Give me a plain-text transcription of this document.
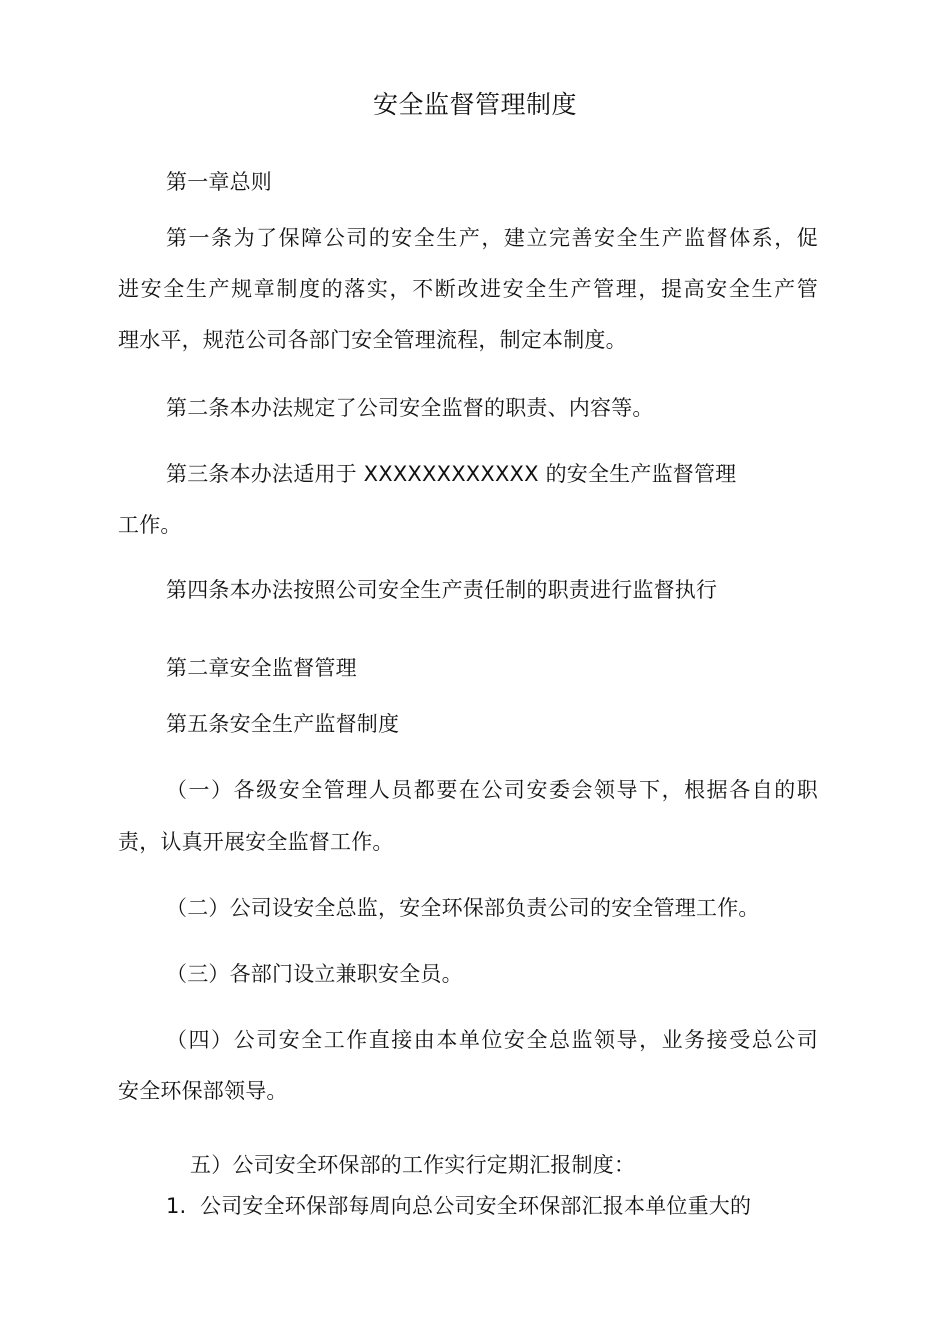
安全监督管理制度
第一章总则
第一条为了保障公司的安全生产，建立完善安全生产监督体系，促
进安全生产规章制度的落实，不断改进安全生产管理，提高安全生产管
理水平，规范公司各部门安全管理流程，制定本制度。
第二条本办法规定了公司安全监督的职责、内容等。
第三条本办法适用于 XXXXXXXXXXXX 的安全生产监督管理
工作。
第四条本办法按照公司安全生产责任制的职责进行监督执行
第二章安全监督管理
第五条安全生产监督制度
（一）各级安全管理人员都要在公司安委会领导下，根据各自的职
责，认真开展安全监督工作。
（二）公司设安全总监，安全环保部负责公司的安全管理工作。
（三）各部门设立兼职安全员。
（四）公司安全工作直接由本单位安全总监领导，业务接受总公司
安全环保部领导。
五）公司安全环保部的工作实行定期汇报制度：
1. 公司安全环保部每周向总公司安全环保部汇报本单位重大的
